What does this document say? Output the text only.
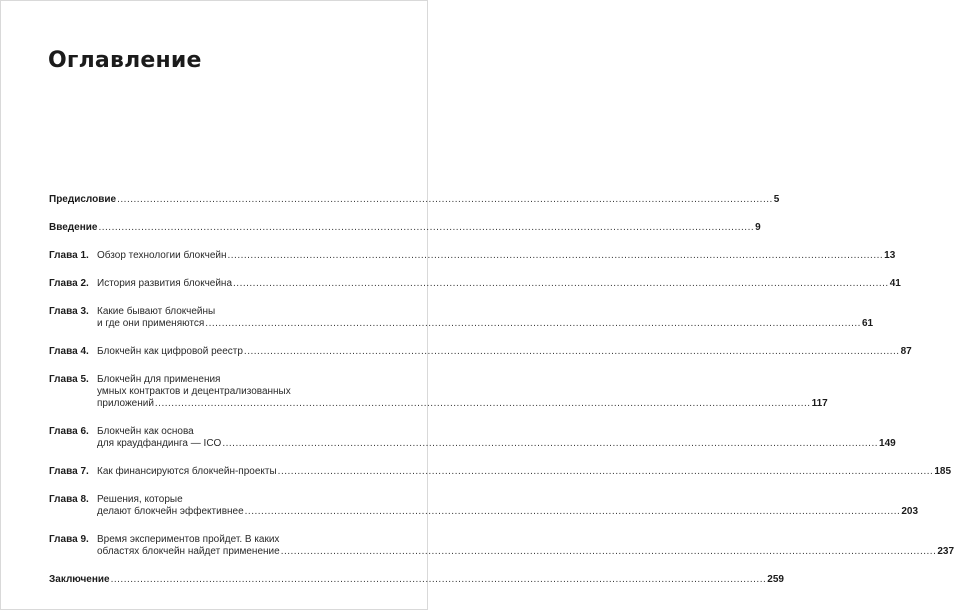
Оглавление
Предисловие ........................................................................................................................................................................................................ 5
Введение ........................................................................................................................................................................................................ 9
Глава 1. Обзор технологии блокчейн ........................................................................................................................................................................................................ 13
Глава 2. История развития блокчейна ........................................................................................................................................................................................................ 41
Глава 3. Какие бывают блокчейны
и где они применяются ........................................................................................................................................................................................................ 61
Глава 4. Блокчейн как цифровой реестр ........................................................................................................................................................................................................ 87
Глава 5. Блокчейн для применения
умных контрактов и децентрализованных
приложений ........................................................................................................................................................................................................ 117
Глава 6. Блокчейн как основа
для краудфандинга — ICO ........................................................................................................................................................................................................ 149
Глава 7. Как финансируются блокчейн-проекты ........................................................................................................................................................................................................ 185
Глава 8. Решения, которые
делают блокчейн эффективнее ........................................................................................................................................................................................................ 203
Глава 9. Время экспериментов пройдет. В каких
областях блокчейн найдет применение ........................................................................................................................................................................................................ 237
Заключение ........................................................................................................................................................................................................ 259
